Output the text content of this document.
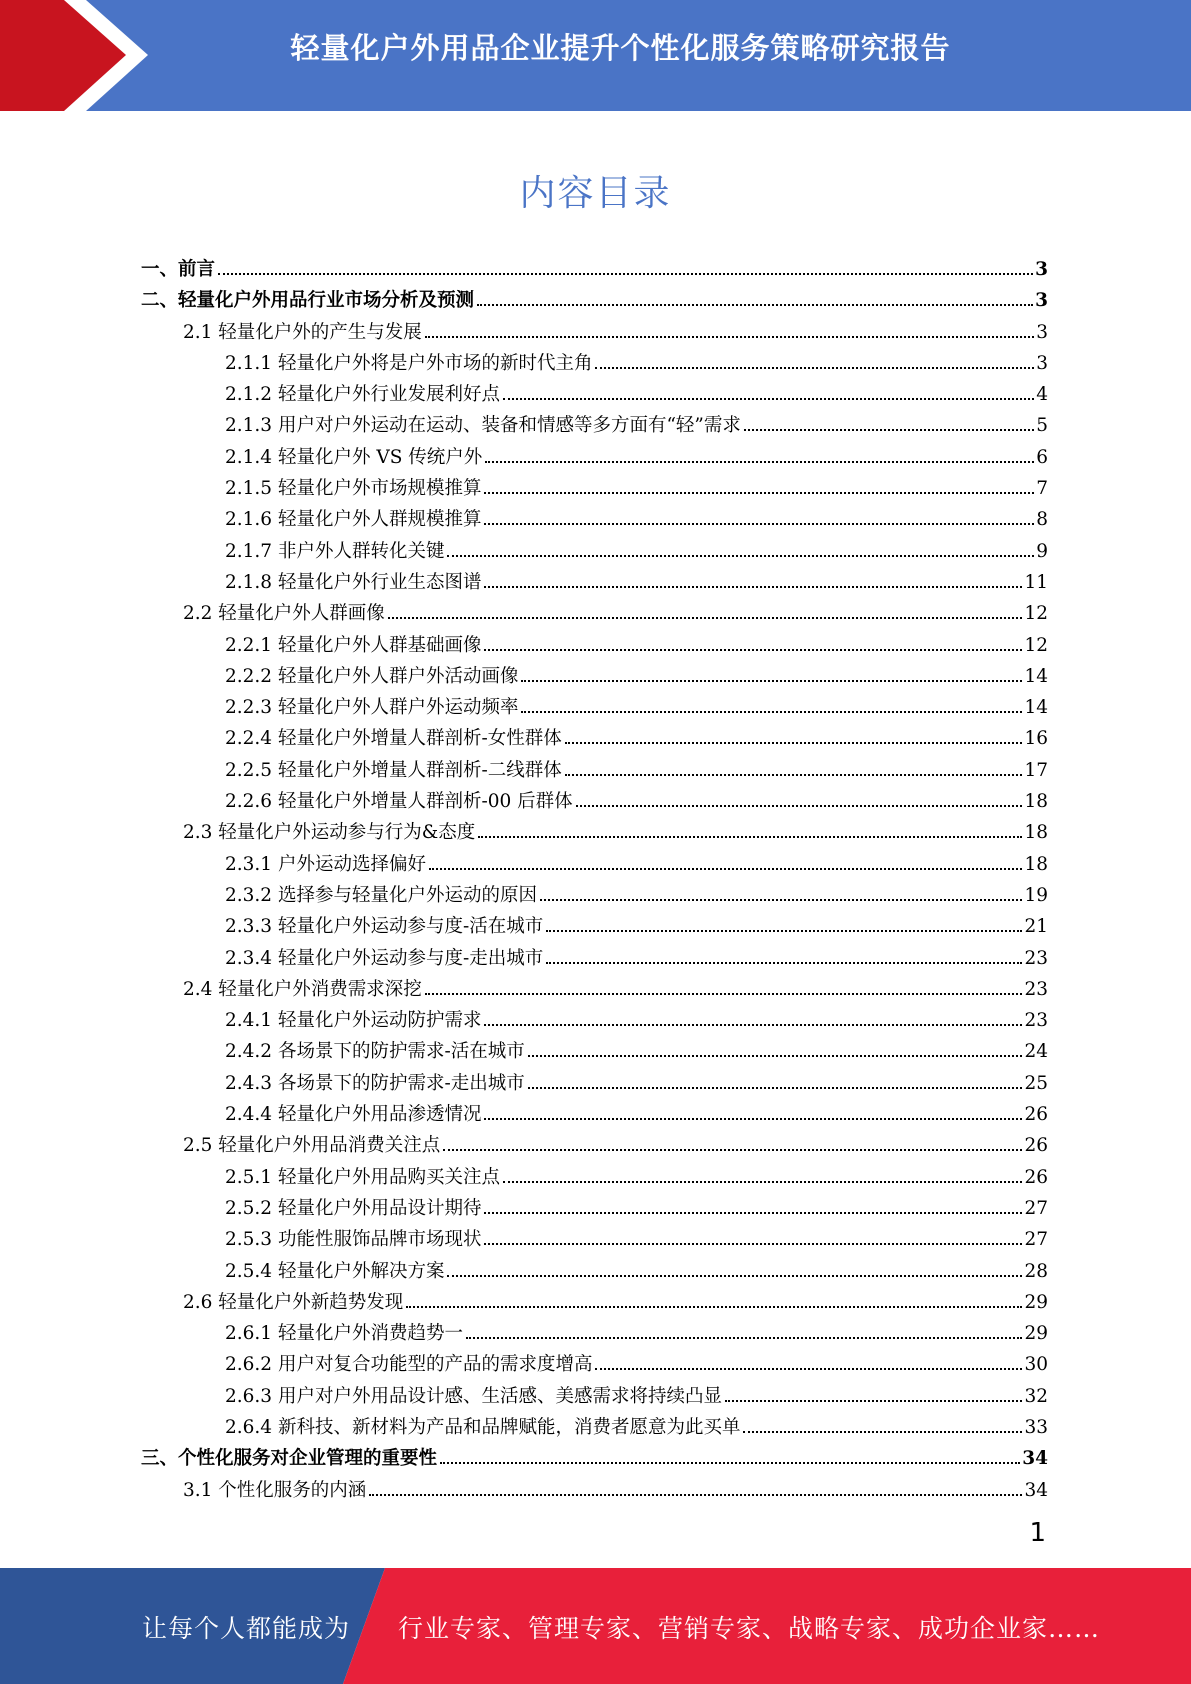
轻量化户外用品企业提升个性化服务策略研究报告
内容目录
一、前言	3
二、轻量化户外用品行业市场分析及预测	3
2.1 轻量化户外的产生与发展	3
2.1.1 轻量化户外将是户外市场的新时代主角	3
2.1.2 轻量化户外行业发展利好点	4
2.1.3 用户对户外运动在运动、装备和情感等多方面有“轻”需求	5
2.1.4 轻量化户外 VS 传统户外	6
2.1.5 轻量化户外市场规模推算	7
2.1.6 轻量化户外人群规模推算	8
2.1.7 非户外人群转化关键	9
2.1.8 轻量化户外行业生态图谱	11
2.2 轻量化户外人群画像	12
2.2.1 轻量化户外人群基础画像	12
2.2.2 轻量化户外人群户外活动画像	14
2.2.3 轻量化户外人群户外运动频率	14
2.2.4 轻量化户外增量人群剖析-女性群体	16
2.2.5 轻量化户外增量人群剖析-二线群体	17
2.2.6 轻量化户外增量人群剖析-00 后群体	18
2.3 轻量化户外运动参与行为&态度	18
2.3.1 户外运动选择偏好	18
2.3.2 选择参与轻量化户外运动的原因	19
2.3.3 轻量化户外运动参与度-活在城市	21
2.3.4 轻量化户外运动参与度-走出城市	23
2.4 轻量化户外消费需求深挖	23
2.4.1 轻量化户外运动防护需求	23
2.4.2 各场景下的防护需求-活在城市	24
2.4.3 各场景下的防护需求-走出城市	25
2.4.4 轻量化户外用品渗透情况	26
2.5 轻量化户外用品消费关注点	26
2.5.1 轻量化户外用品购买关注点	26
2.5.2 轻量化户外用品设计期待	27
2.5.3 功能性服饰品牌市场现状	27
2.5.4 轻量化户外解决方案	28
2.6 轻量化户外新趋势发现	29
2.6.1 轻量化户外消费趋势一	29
2.6.2 用户对复合功能型的产品的需求度增高	30
2.6.3 用户对户外用品设计感、生活感、美感需求将持续凸显	32
2.6.4 新科技、新材料为产品和品牌赋能，消费者愿意为此买单	33
三、个性化服务对企业管理的重要性	34
3.1 个性化服务的内涵	34
1
让每个人都能成为 行业专家、管理专家、营销专家、战略专家、成功企业家……
